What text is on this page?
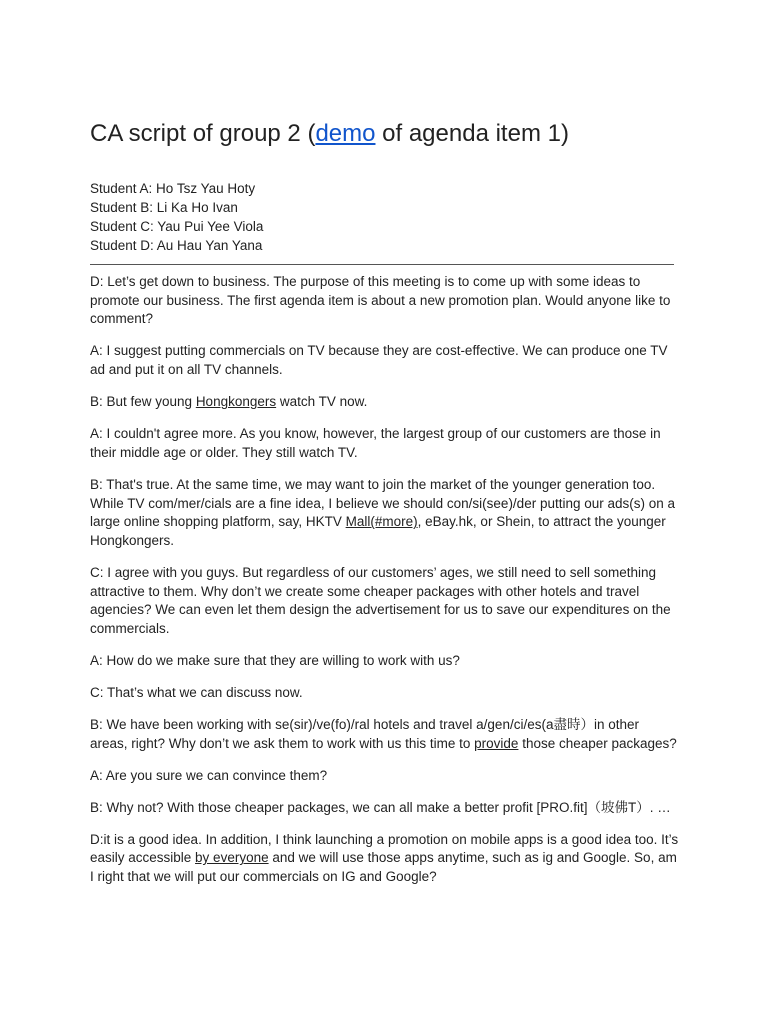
CA script of group 2 (demo of agenda item 1)
Student A: Ho Tsz Yau Hoty
Student B: Li Ka Ho Ivan
Student C: Yau Pui Yee Viola
Student D: Au Hau Yan Yana

D: Let’s get down to business. The purpose of this meeting is to come up with some ideas to promote our business. The first agenda item is about a new promotion plan. Would anyone like to comment?

A: I suggest putting commercials on TV because they are cost-effective. We can produce one TV ad and put it on all TV channels.

B: But few young Hongkongers watch TV now.

A: I couldn't agree more. As you know, however, the largest group of our customers are those in their middle age or older. They still watch TV.

B: That's true. At the same time, we may want to join the market of the younger generation too. While TV com/mer/cials are a fine idea, I believe we should con/si(see)/der putting our ads(s) on a large online shopping platform, say, HKTV Mall(#more), eBay.hk, or Shein, to attract the younger Hongkongers.

C: I agree with you guys. But regardless of our customers’ ages, we still need to sell something attractive to them. Why don’t we create some cheaper packages with other hotels and travel agencies? We can even let them design the advertisement for us to save our expenditures on the commercials.

A: How do we make sure that they are willing to work with us?

C: That’s what we can discuss now.

B: We have been working with se(sir)/ve(fo)/ral hotels and travel a/gen/ci/es(a盡時）in other areas, right? Why don’t we ask them to work with us this time to provide those cheaper packages?

A: Are you sure we can convince them?

B: Why not? With those cheaper packages, we can all make a better profit [PRO.fit]（坡佛T）. …

D:it is a good idea. In addition, I think launching a promotion on mobile apps is a good idea too. It’s easily accessible by everyone and we will use those apps anytime, such as ig and Google. So, am I right that we will put our commercials on IG and Google?
